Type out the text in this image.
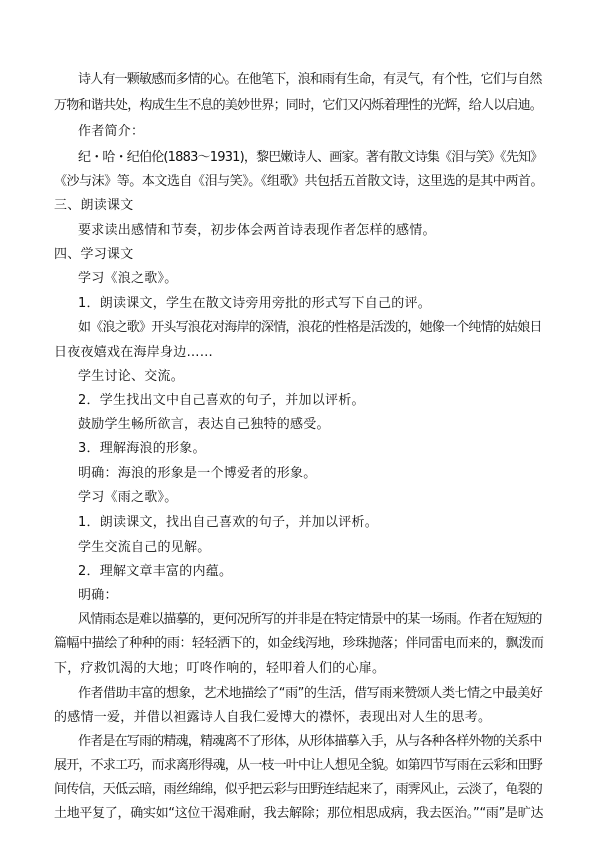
诗人有一颗敏感而多情的心。在他笔下，浪和雨有生命，有灵气，有个性，它们与自然
万物和谐共处，构成生生不息的美妙世界；同时，它们又闪烁着理性的光辉，给人以启迪。
作者简介：
纪・哈・纪伯伦(1883～1931)，黎巴嫩诗人、画家。著有散文诗集《泪与笑》《先知》
《沙与沫》等。本文选自《泪与笑》。《组歌》共包括五首散文诗，这里选的是其中两首。
三、朗读课文
要求读出感情和节奏，初步体会两首诗表现作者怎样的感情。
四、学习课文
学习《浪之歌》。
1．朗读课文，学生在散文诗旁用旁批的形式写下自己的评。
如《浪之歌》开头写浪花对海岸的深情，浪花的性格是活泼的，她像一个纯情的姑娘日
日夜夜嬉戏在海岸身边……
学生讨论、交流。
2．学生找出文中自己喜欢的句子，并加以评析。
鼓励学生畅所欲言，表达自己独特的感受。
3．理解海浪的形象。
明确：海浪的形象是一个博爱者的形象。
学习《雨之歌》。
1．朗读课文，找出自己喜欢的句子，并加以评析。
学生交流自己的见解。
2．理解文章丰富的内蕴。
明确：
风情雨态是难以描摹的，更何况所写的并非是在特定情景中的某一场雨。作者在短短的
篇幅中描绘了种种的雨：轻轻洒下的，如金线泻地，珍珠抛落；伴同雷电而来的，飘泼而
下，疗救饥渴的大地；叮咚作响的，轻叩着人们的心扉。
作者借助丰富的想象，艺术地描绘了“雨”的生活，借写雨来赞颂人类七情之中最美好
的感情一爱，并借以袒露诗人自我仁爱博大的襟怀，表现出对人生的思考。
作者是在写雨的精魂，精魂离不了形体，从形体描摹入手，从与各种各样外物的关系中
展开，不求工巧，而求离形得魂，从一枝一叶中让人想见全貌。如第四节写雨在云彩和田野
间传信，天低云暗，雨丝绵绵，似乎把云彩与田野连结起来了，雨霁风止，云淡了，龟裂的
土地平复了，确实如“这位干渴难耐，我去解除；那位相思成病，我去医治。”“雨”是旷达
